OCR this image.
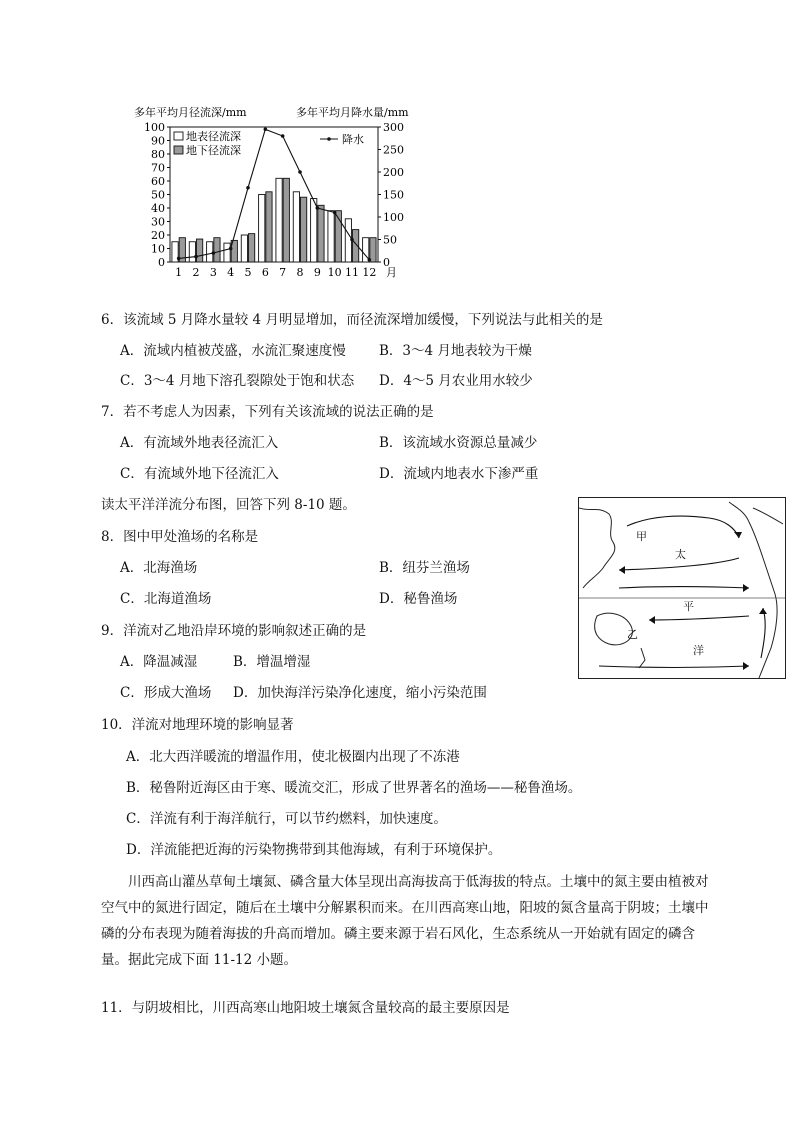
多年平均月径流深/mm	多年平均月降水量/mm
0
10
20
30
40
50
60
70
80
90
100
0
50
100
150
200
250
300
1 2 3 4 5 6 7 8 9 10 11 12 月
地表径流深
地下径流深
降水
6．该流域 5 月降水量较 4 月明显增加，而径流深增加缓慢，下列说法与此相关的是
A．流域内植被茂盛，水流汇聚速度慢 B．3～4 月地表较为干燥
C．3～4 月地下溶孔裂隙处于饱和状态 D．4～5 月农业用水较少
7．若不考虑人为因素，下列有关该流域的说法正确的是
A．有流域外地表径流汇入	B．该流域水资源总量减少
C．有流域外地下径流汇入	D．流域内地表水下渗严重
读太平洋洋流分布图，回答下列 8-10 题。
8．图中甲处渔场的名称是
A．北海渔场	B．纽芬兰渔场
C．北海道渔场	D．秘鲁渔场
9．洋流对乙地沿岸环境的影响叙述正确的是
A．降温减湿	B．增温增湿
C．形成大渔场 D．加快海洋污染净化速度，缩小污染范围
10．洋流对地理环境的影响显著
A．北大西洋暖流的增温作用，使北极圈内出现了不冻港
B．秘鲁附近海区由于寒、暖流交汇，形成了世界著名的渔场——秘鲁渔场。
C．洋流有利于海洋航行，可以节约燃料，加快速度。
D．洋流能把近海的污染物携带到其他海域，有利于环境保护。
川西高山灌丛草甸土壤氮、磷含量大体呈现出高海拔高于低海拔的特点。土壤中的氮主要由植被对空气中的氮进行固定，随后在土壤中分解累积而来。在川西高寒山地，阳坡的氮含量高于阴坡；土壤中磷的分布表现为随着海拔的升高而增加。磷主要来源于岩石风化，生态系统从一开始就有固定的磷含量。据此完成下面 11-12 小题。
11．与阴坡相比，川西高寒山地阳坡土壤氮含量较高的最主要原因是
甲
乙
太
平
洋
